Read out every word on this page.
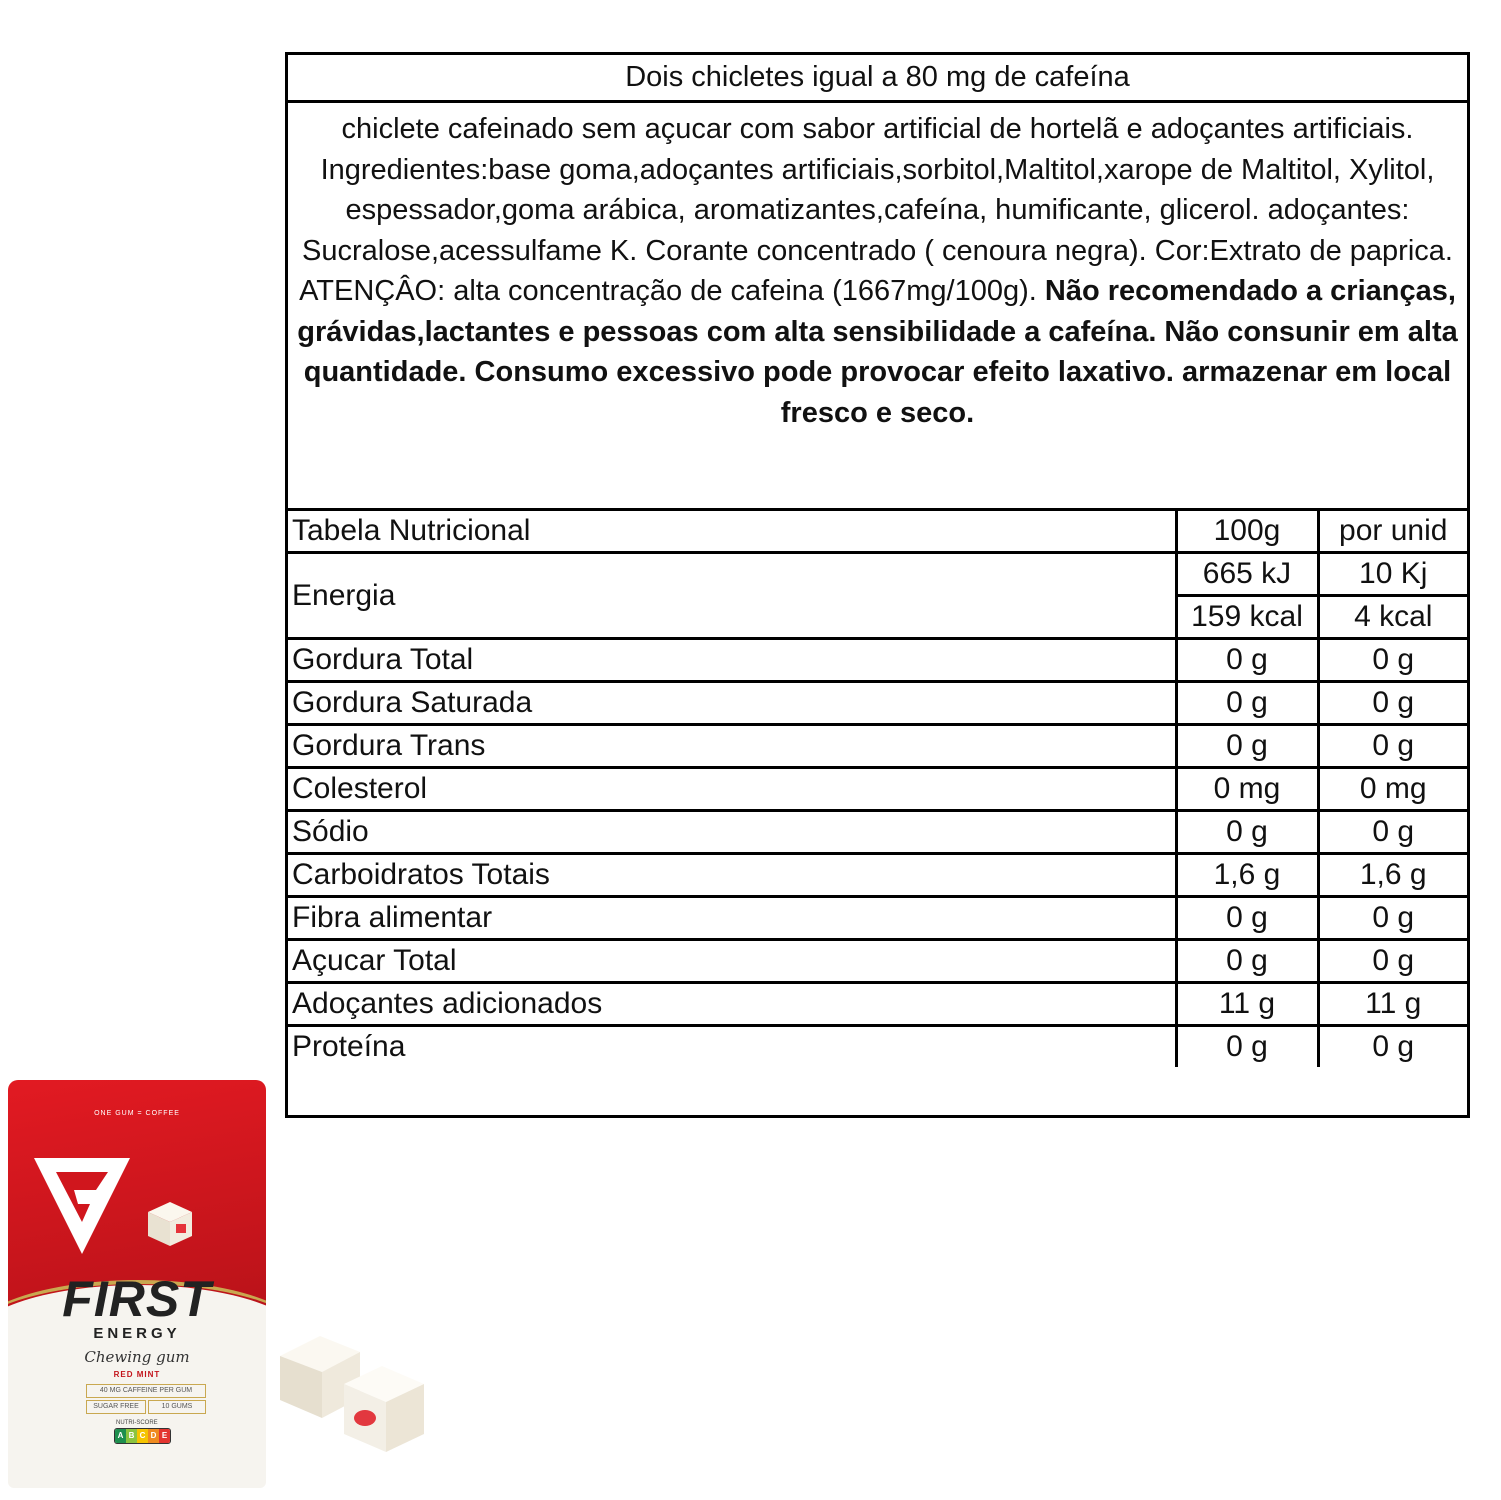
Dois chicletes igual a 80 mg de cafeína
chiclete cafeinado sem açucar com sabor artificial de hortelã e adoçantes artificiais. Ingredientes:base goma,adoçantes artificiais,sorbitol,Maltitol,xarope de Maltitol, Xylitol, espessador,goma arábica, aromatizantes,cafeína, humificante, glicerol. adoçantes: Sucralose,acessulfame K. Corante concentrado ( cenoura negra). Cor:Extrato de paprica. ATENÇÂO: alta concentração de cafeina (1667mg/100g). Não recomendado a crianças, grávidas,lactantes e pessoas com alta sensibilidade a cafeína. Não consunir em alta quantidade. Consumo excessivo pode provocar efeito laxativo. armazenar em local fresco e seco.
Tabela Nutricional	100g	por unid
Energia	665 kJ	10 Kj
	159 kcal	4 kcal
Gordura Total	0 g	0 g
Gordura Saturada	0 g	0 g
Gordura Trans	0 g	0 g
Colesterol	0 mg	0 mg
Sódio	0 g	0 g
Carboidratos Totais	1,6 g	1,6 g
Fibra alimentar	0 g	0 g
Açucar Total	0 g	0 g
Adoçantes adicionados	11 g	11 g
Proteína	0 g	0 g
ONE GUM = COFFEE
FIRST
ENERGY
Chewing gum
RED MINT
40 MG CAFFEINE PER GUM
SUGAR FREE	10 GUMS
NUTRI-SCORE
A B C D E
